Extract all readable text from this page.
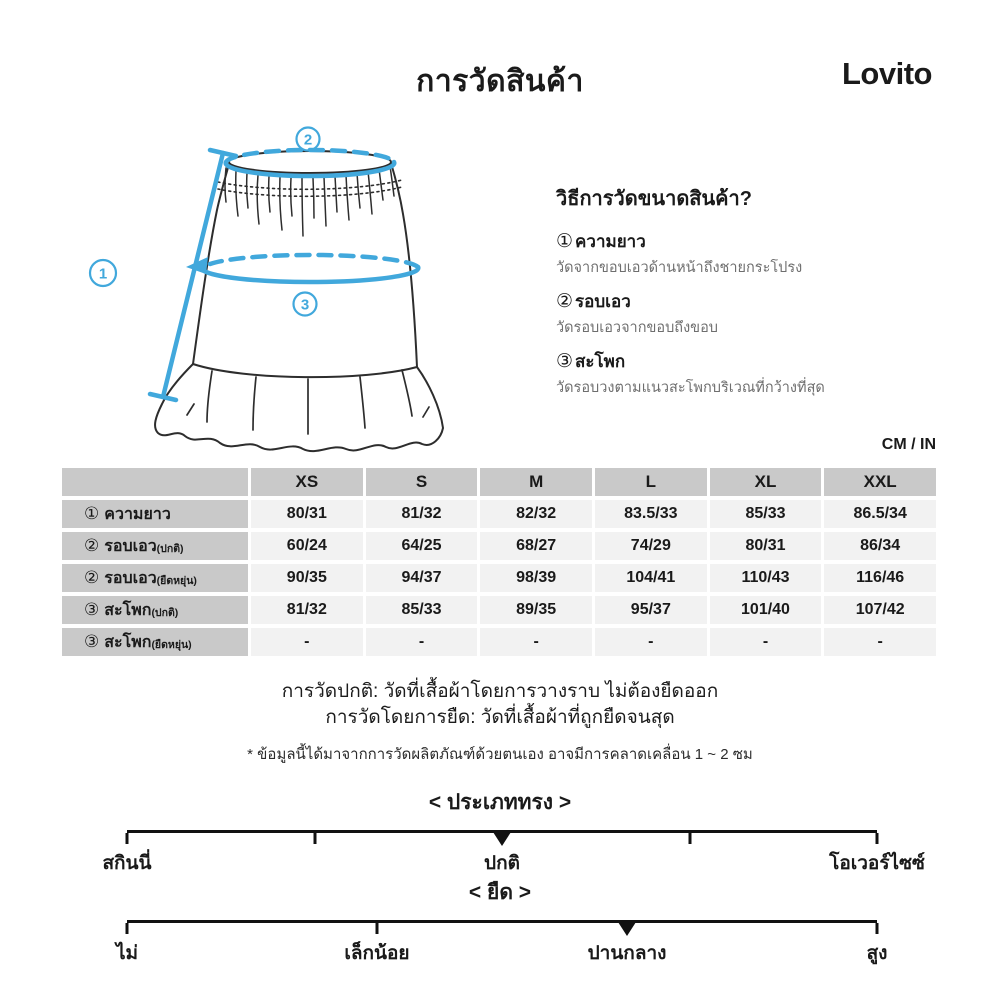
การวัดสินค้า	Lovito
1
2
3
วิธีการวัดขนาดสินค้า?
① ความยาว
วัดจากขอบเอวด้านหน้าถึงชายกระโปรง
② รอบเอว
วัดรอบเอวจากขอบถึงขอบ
③ สะโพก
วัดรอบวงตามแนวสะโพกบริเวณที่กว้างที่สุด
CM / IN
XS	S	M	L	XL	XXL
① ความยาว	80/31	81/32	82/32	83.5/33	85/33	86.5/34
② รอบเอว (ปกติ)	60/24	64/25	68/27	74/29	80/31	86/34
② รอบเอว (ยืดหยุ่น)	90/35	94/37	98/39	104/41	110/43	116/46
③ สะโพก (ปกติ)	81/32	85/33	89/35	95/37	101/40	107/42
③ สะโพก (ยืดหยุ่น)	-	-	-	-	-	-
การวัดปกติ: วัดที่เสื้อผ้าโดยการวางราบ ไม่ต้องยืดออก
การวัดโดยการยืด: วัดที่เสื้อผ้าที่ถูกยืดจนสุด
* ข้อมูลนี้ได้มาจากการวัดผลิตภัณฑ์ด้วยตนเอง อาจมีการคลาดเคลื่อน 1 ~ 2 ซม
< ประเภททรง >
สกินนี่	ปกติ	โอเวอร์ไซซ์
< ยืด >
ไม่	เล็กน้อย	ปานกลาง	สูง
